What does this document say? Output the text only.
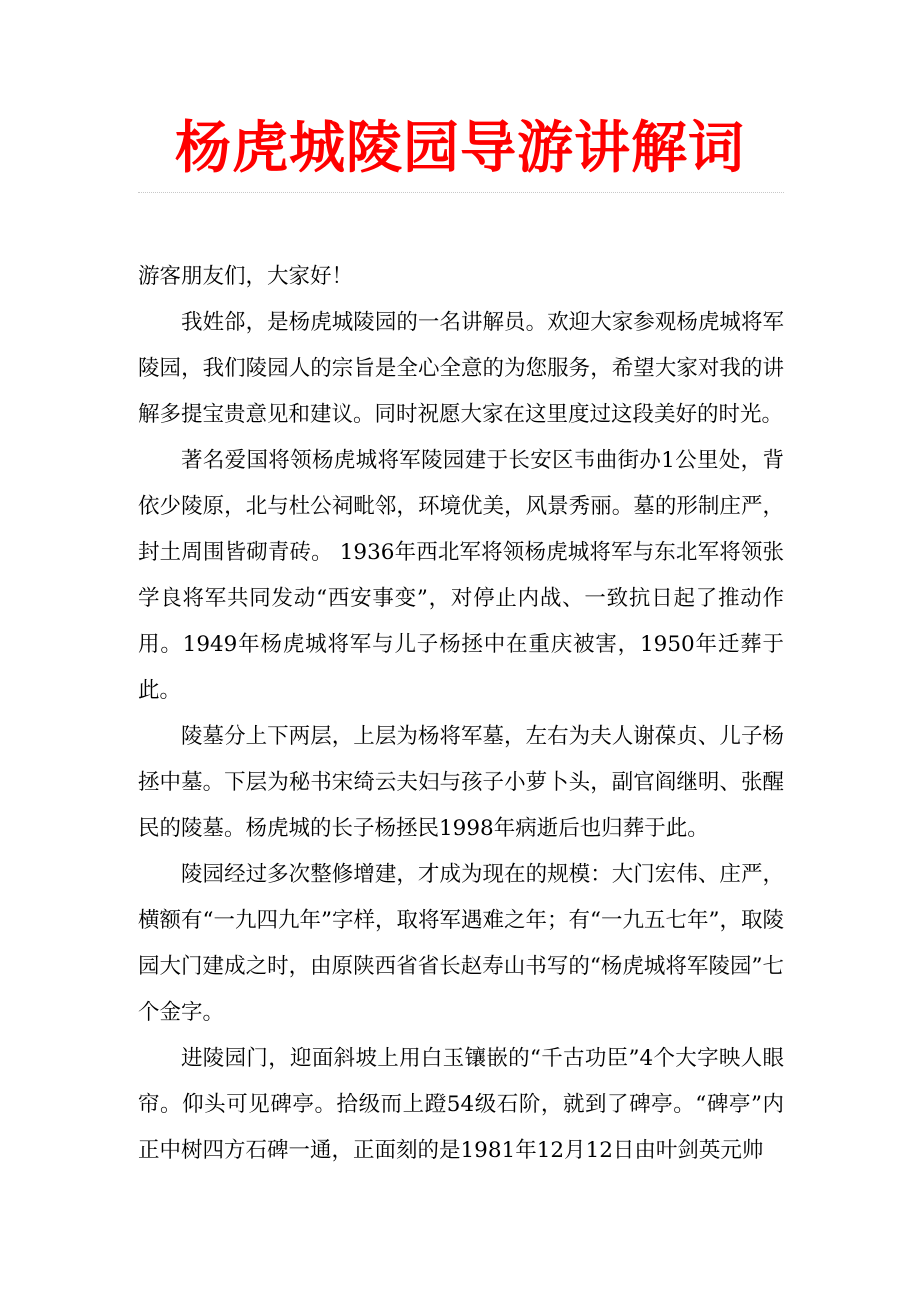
杨虎城陵园导游讲解词

游客朋友们，大家好！

我姓郃，是杨虎城陵园的一名讲解员。欢迎大家参观杨虎城将军陵园，我们陵园人的宗旨是全心全意的为您服务，希望大家对我的讲解多提宝贵意见和建议。同时祝愿大家在这里度过这段美好的时光。

著名爱国将领杨虎城将军陵园建于长安区韦曲街办1公里处，背依少陵原，北与杜公祠毗邻，环境优美，风景秀丽。墓的形制庄严，封土周围皆砌青砖。 1936年西北军将领杨虎城将军与东北军将领张学良将军共同发动“西安事变”，对停止内战、一致抗日起了推动作用。1949年杨虎城将军与儿子杨拯中在重庆被害，1950年迁葬于此。

陵墓分上下两层，上层为杨将军墓，左右为夫人谢葆贞、儿子杨拯中墓。下层为秘书宋绮云夫妇与孩子小萝卜头，副官阎继明、张醒民的陵墓。杨虎城的长子杨拯民1998年病逝后也归葬于此。

陵园经过多次整修增建，才成为现在的规模：大门宏伟、庄严，横额有“一九四九年”字样，取将军遇难之年；有“一九五七年”，取陵园大门建成之时，由原陕西省省长赵寿山书写的“杨虎城将军陵园”七个金字。

进陵园门，迎面斜坡上用白玉镶嵌的“千古功臣”4个大字映人眼帘。仰头可见碑亭。拾级而上蹬54级石阶，就到了碑亭。“碑亭”内正中树四方石碑一通，正面刻的是1981年12月12日由叶剑英元帅
